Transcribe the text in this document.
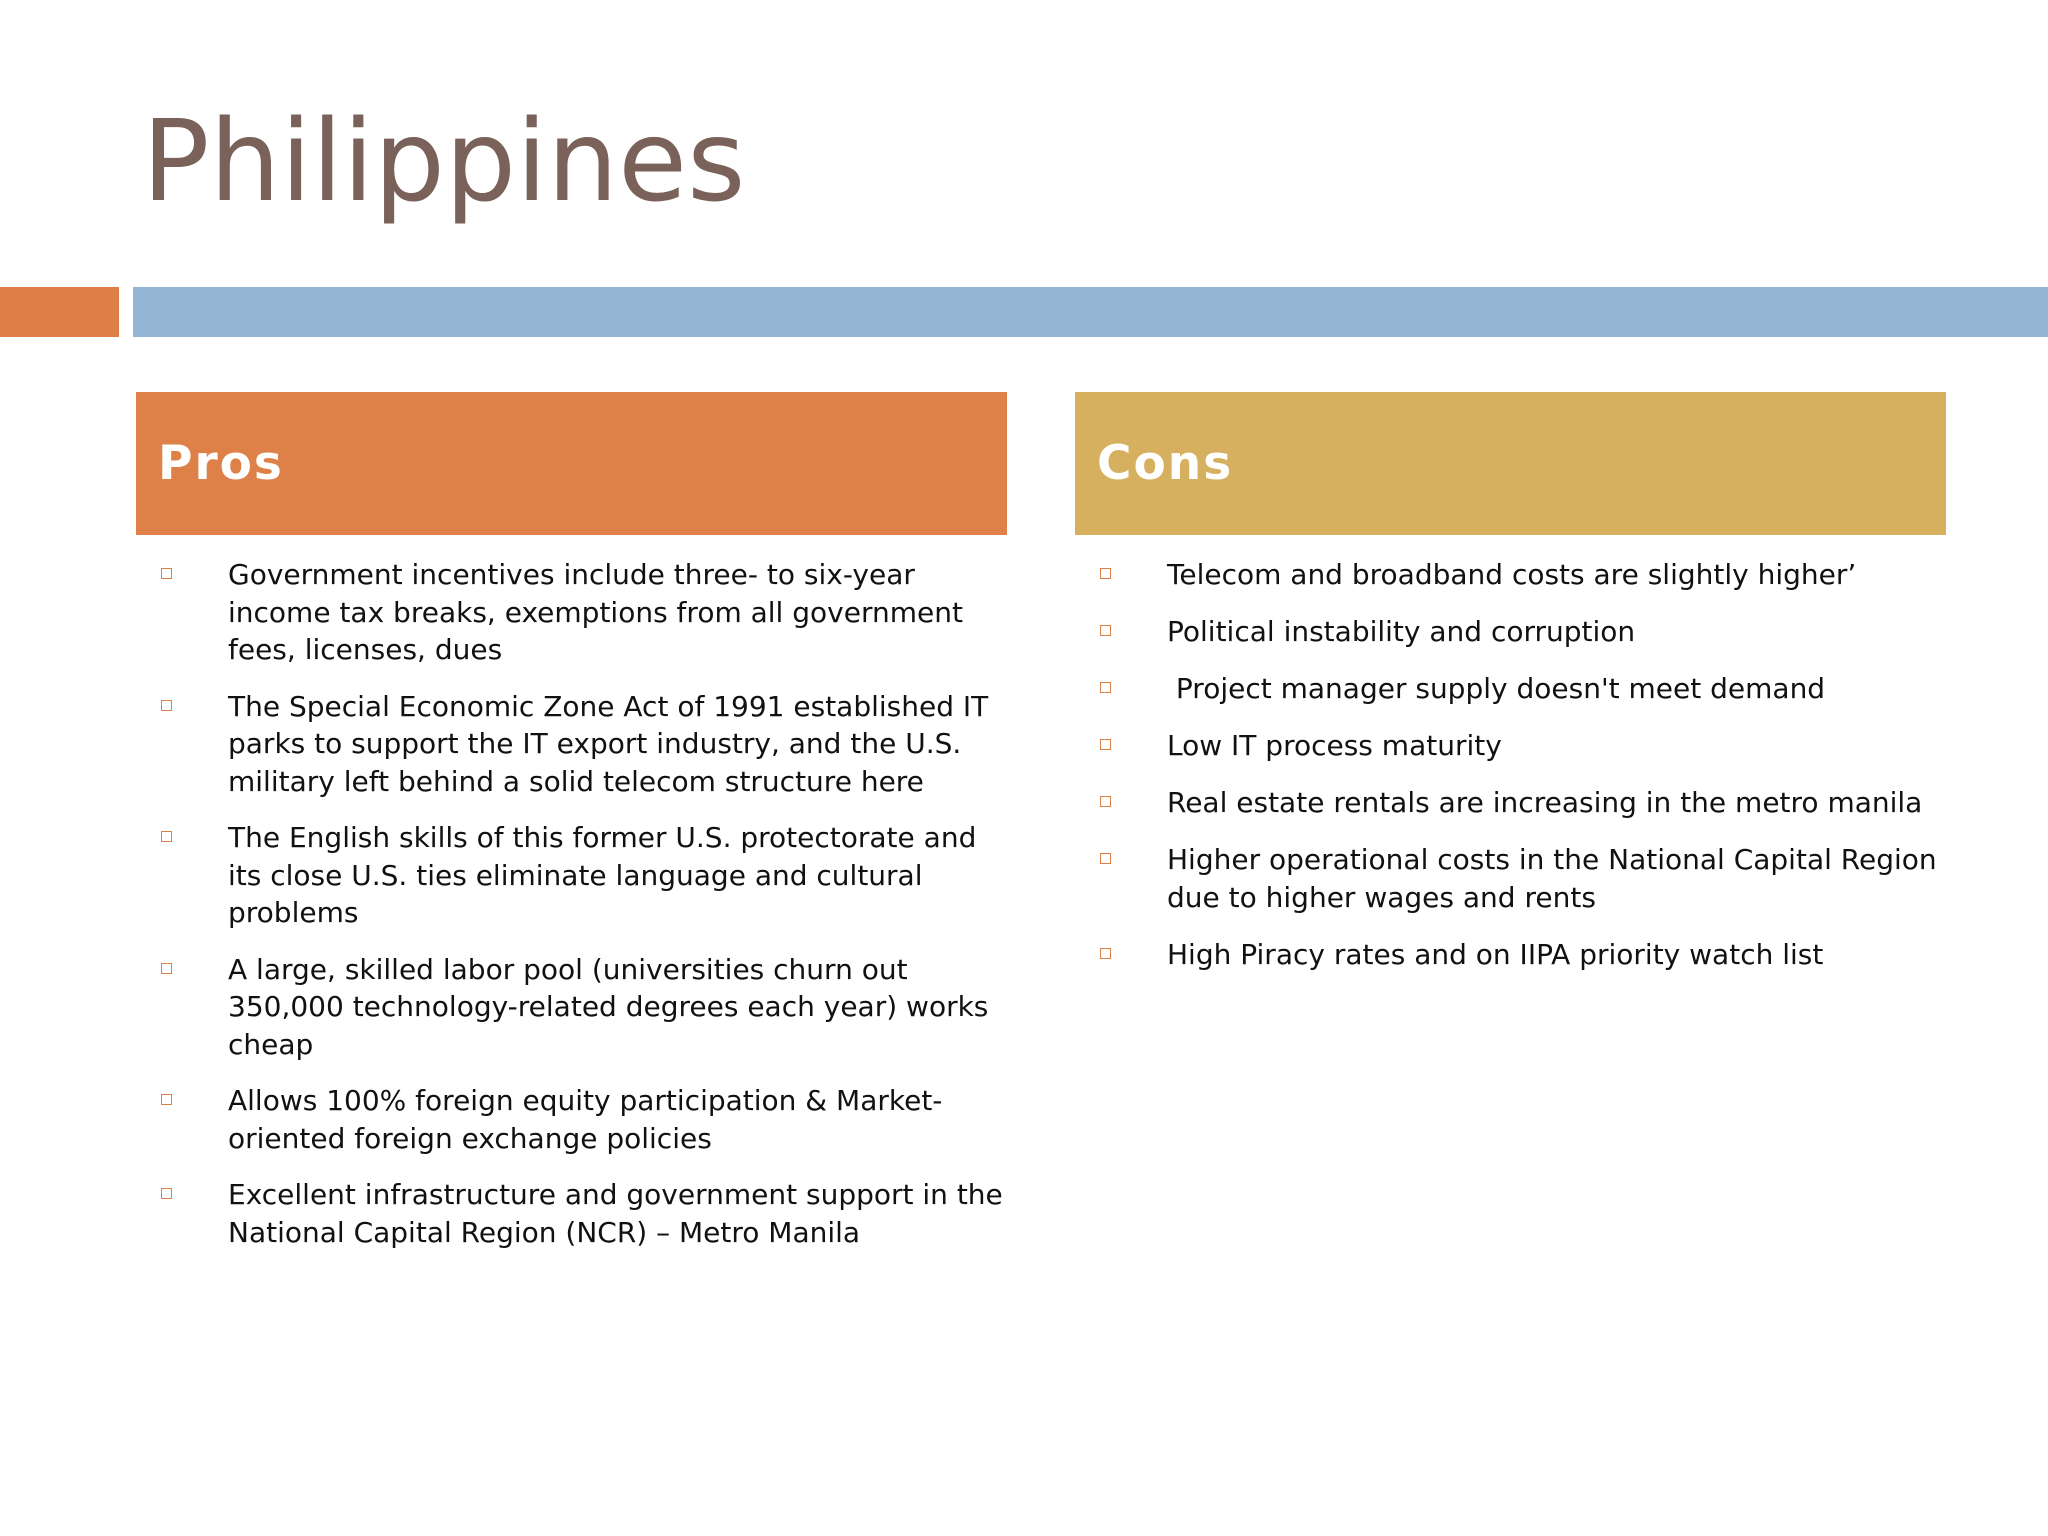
Philippines
Pros	Cons
Government incentives include three- to six-year income tax breaks, exemptions from all government fees, licenses, dues
The Special Economic Zone Act of 1991 established IT parks to support the IT export industry, and the U.S. military left behind a solid telecom structure here
The English skills of this former U.S. protectorate and its close U.S. ties eliminate language and cultural problems
A large, skilled labor pool (universities churn out 350,000 technology-related degrees each year) works cheap
Allows 100% foreign equity participation & Market-oriented foreign exchange policies
Excellent infrastructure and government support in the National Capital Region (NCR) – Metro Manila
Telecom and broadband costs are slightly higher’
Political instability and corruption
Project manager supply doesn't meet demand
Low IT process maturity
Real estate rentals are increasing in the metro manila
Higher operational costs in the National Capital Region due to higher wages and rents
High Piracy rates and on IIPA priority watch list
